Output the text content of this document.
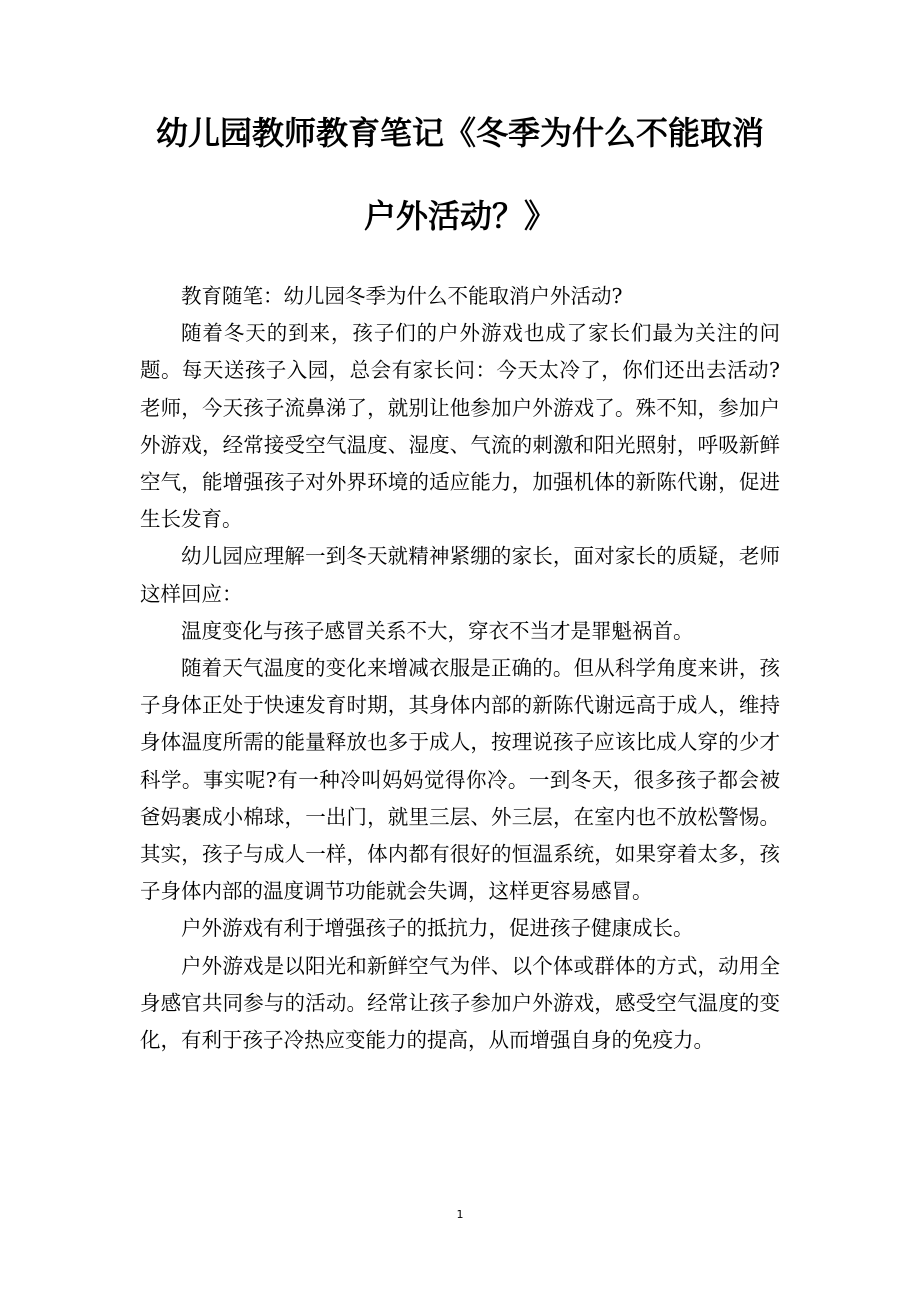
幼儿园教师教育笔记《冬季为什么不能取消
户外活动？》

教育随笔：幼儿园冬季为什么不能取消户外活动?

随着冬天的到来，孩子们的户外游戏也成了家长们最为关注的问题。每天送孩子入园，总会有家长问：今天太冷了，你们还出去活动?老师，今天孩子流鼻涕了，就别让他参加户外游戏了。殊不知，参加户外游戏，经常接受空气温度、湿度、气流的刺激和阳光照射，呼吸新鲜空气，能增强孩子对外界环境的适应能力，加强机体的新陈代谢，促进生长发育。

幼儿园应理解一到冬天就精神紧绷的家长，面对家长的质疑，老师这样回应：

温度变化与孩子感冒关系不大，穿衣不当才是罪魁祸首。

随着天气温度的变化来增减衣服是正确的。但从科学角度来讲，孩子身体正处于快速发育时期，其身体内部的新陈代谢远高于成人，维持身体温度所需的能量释放也多于成人，按理说孩子应该比成人穿的少才科学。事实呢?有一种冷叫妈妈觉得你冷。一到冬天，很多孩子都会被爸妈裹成小棉球，一出门，就里三层、外三层，在室内也不放松警惕。其实，孩子与成人一样，体内都有很好的恒温系统，如果穿着太多，孩子身体内部的温度调节功能就会失调，这样更容易感冒。

户外游戏有利于增强孩子的抵抗力，促进孩子健康成长。

户外游戏是以阳光和新鲜空气为伴、以个体或群体的方式，动用全身感官共同参与的活动。经常让孩子参加户外游戏，感受空气温度的变化，有利于孩子冷热应变能力的提高，从而增强自身的免疫力。

1
